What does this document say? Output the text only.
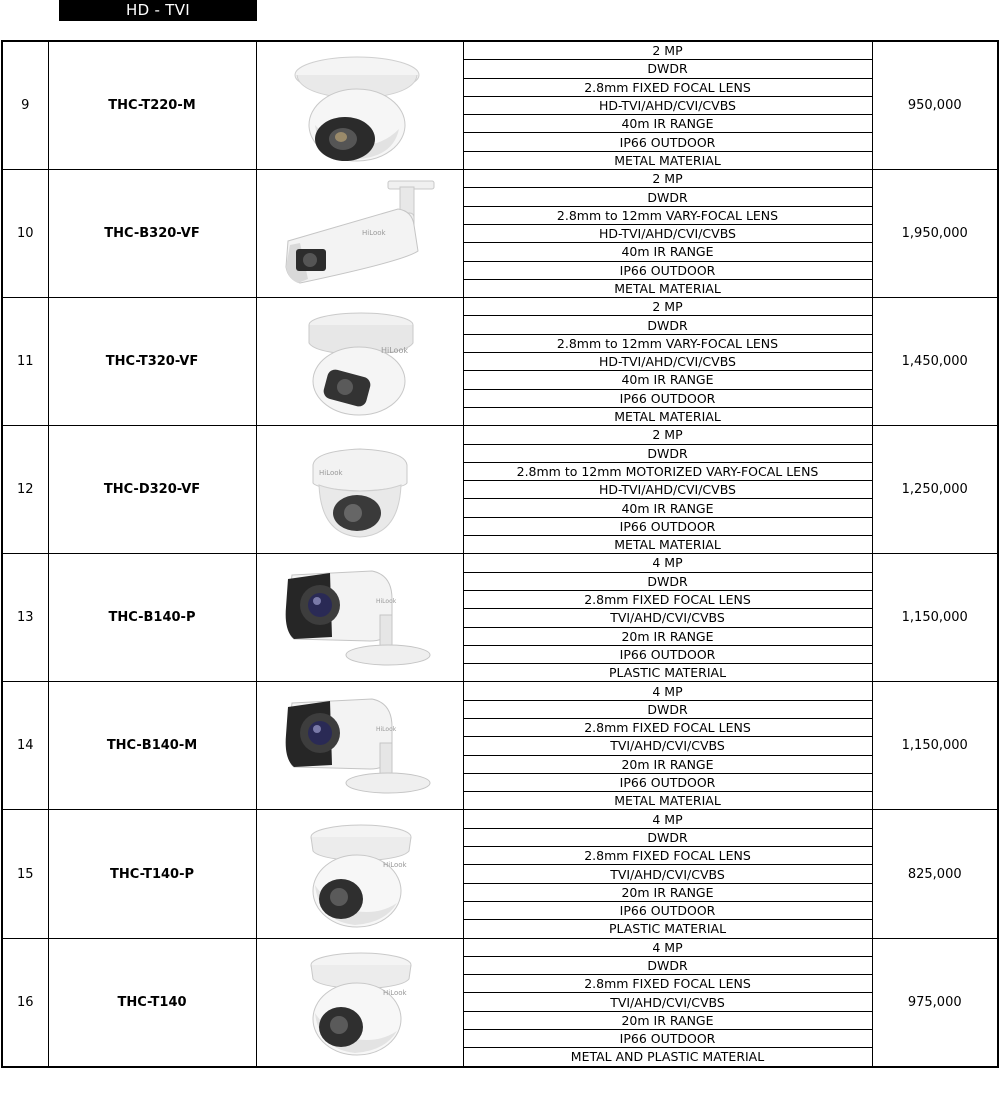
HD - TVI
9	THC-T220-M		2 MP	950,000
			DWDR	
			2.8mm FIXED FOCAL LENS	
			HD-TVI/AHD/CVI/CVBS	
			40m IR RANGE	
			IP66 OUTDOOR	
			METAL MATERIAL	
10	THC-B320-VF	HiLook	2 MP	1,950,000
			DWDR	
			2.8mm to 12mm VARY-FOCAL LENS	
			HD-TVI/AHD/CVI/CVBS	
			40m IR RANGE	
			IP66 OUTDOOR	
			METAL MATERIAL	
11	THC-T320-VF	HiLook	2 MP	1,450,000
			DWDR	
			2.8mm to 12mm VARY-FOCAL LENS	
			HD-TVI/AHD/CVI/CVBS	
			40m IR RANGE	
			IP66 OUTDOOR	
			METAL MATERIAL	
12	THC-D320-VF	HiLook	2 MP	1,250,000
			DWDR	
			2.8mm to 12mm MOTORIZED VARY-FOCAL LENS	
			HD-TVI/AHD/CVI/CVBS	
			40m IR RANGE	
			IP66 OUTDOOR	
			METAL MATERIAL	
13	THC-B140-P	HiLook	4 MP	1,150,000
			DWDR	
			2.8mm FIXED FOCAL LENS	
			TVI/AHD/CVI/CVBS	
			20m IR RANGE	
			IP66 OUTDOOR	
			PLASTIC MATERIAL	
14	THC-B140-M	HiLook	4 MP	1,150,000
			DWDR	
			2.8mm FIXED FOCAL LENS	
			TVI/AHD/CVI/CVBS	
			20m IR RANGE	
			IP66 OUTDOOR	
			METAL MATERIAL	
15	THC-T140-P	HiLook	4 MP	825,000
			DWDR	
			2.8mm FIXED FOCAL LENS	
			TVI/AHD/CVI/CVBS	
			20m IR RANGE	
			IP66 OUTDOOR	
			PLASTIC MATERIAL	
16	THC-T140	HiLook	4 MP	975,000
			DWDR	
			2.8mm FIXED FOCAL LENS	
			TVI/AHD/CVI/CVBS	
			20m IR RANGE	
			IP66 OUTDOOR	
			METAL AND PLASTIC MATERIAL	
